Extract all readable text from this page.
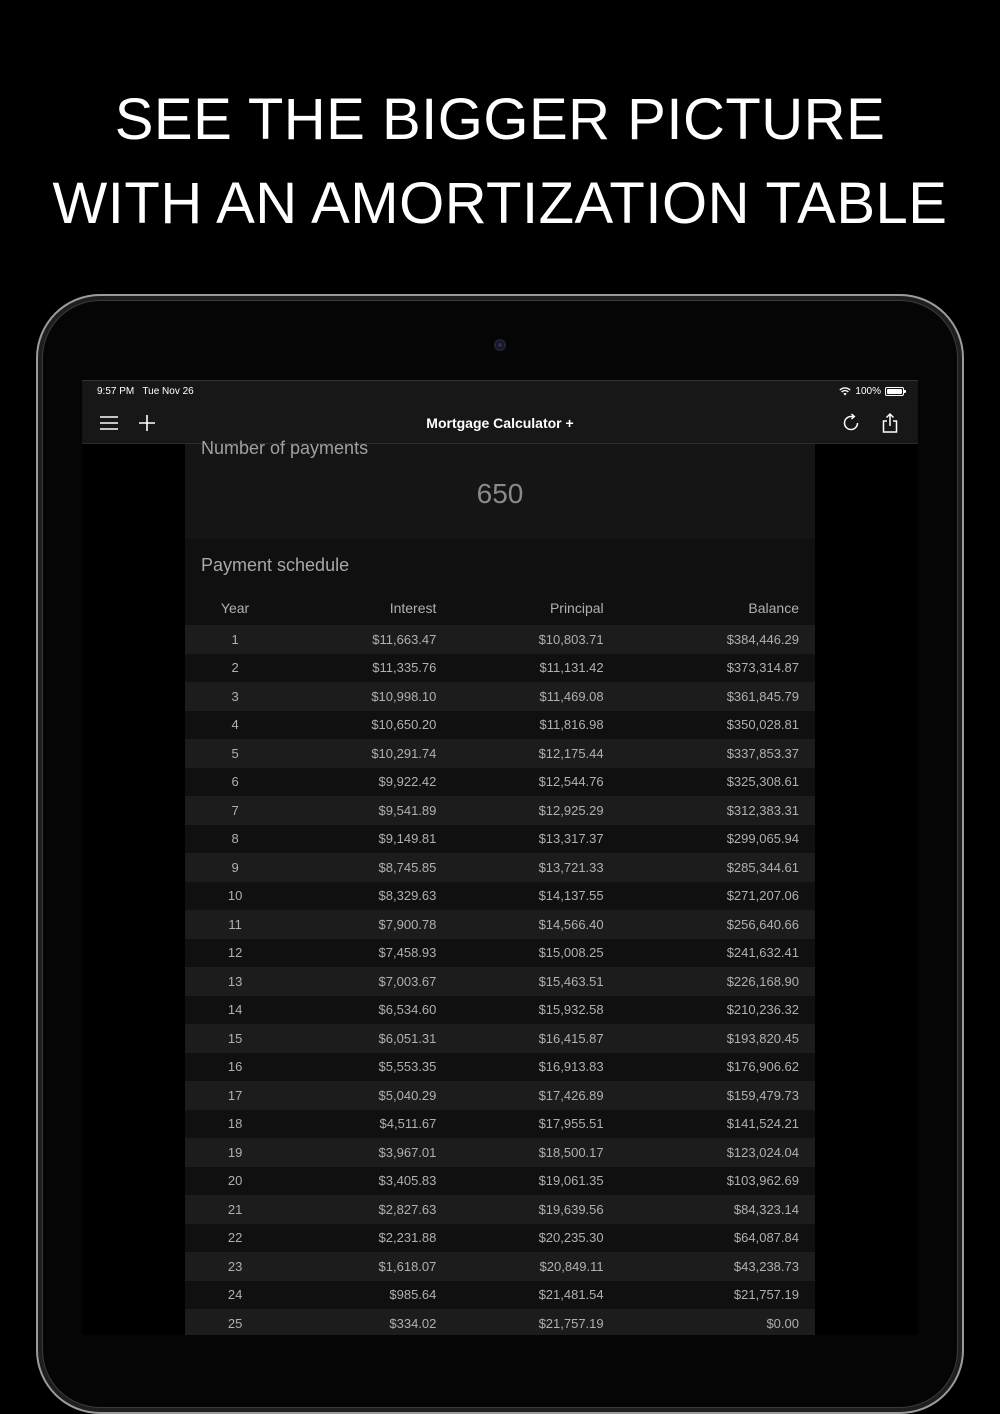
SEE THE BIGGER PICTURE
WITH AN AMORTIZATION TABLE
9:57 PM Tue Nov 26	100%
Mortgage Calculator +
Number of payments
650
Payment schedule
Year	Interest	Principal	Balance
1	$11,663.47	$10,803.71	$384,446.29
2	$11,335.76	$11,131.42	$373,314.87
3	$10,998.10	$11,469.08	$361,845.79
4	$10,650.20	$11,816.98	$350,028.81
5	$10,291.74	$12,175.44	$337,853.37
6	$9,922.42	$12,544.76	$325,308.61
7	$9,541.89	$12,925.29	$312,383.31
8	$9,149.81	$13,317.37	$299,065.94
9	$8,745.85	$13,721.33	$285,344.61
10	$8,329.63	$14,137.55	$271,207.06
11	$7,900.78	$14,566.40	$256,640.66
12	$7,458.93	$15,008.25	$241,632.41
13	$7,003.67	$15,463.51	$226,168.90
14	$6,534.60	$15,932.58	$210,236.32
15	$6,051.31	$16,415.87	$193,820.45
16	$5,553.35	$16,913.83	$176,906.62
17	$5,040.29	$17,426.89	$159,479.73
18	$4,511.67	$17,955.51	$141,524.21
19	$3,967.01	$18,500.17	$123,024.04
20	$3,405.83	$19,061.35	$103,962.69
21	$2,827.63	$19,639.56	$84,323.14
22	$2,231.88	$20,235.30	$64,087.84
23	$1,618.07	$20,849.11	$43,238.73
24	$985.64	$21,481.54	$21,757.19
25	$334.02	$21,757.19	$0.00
